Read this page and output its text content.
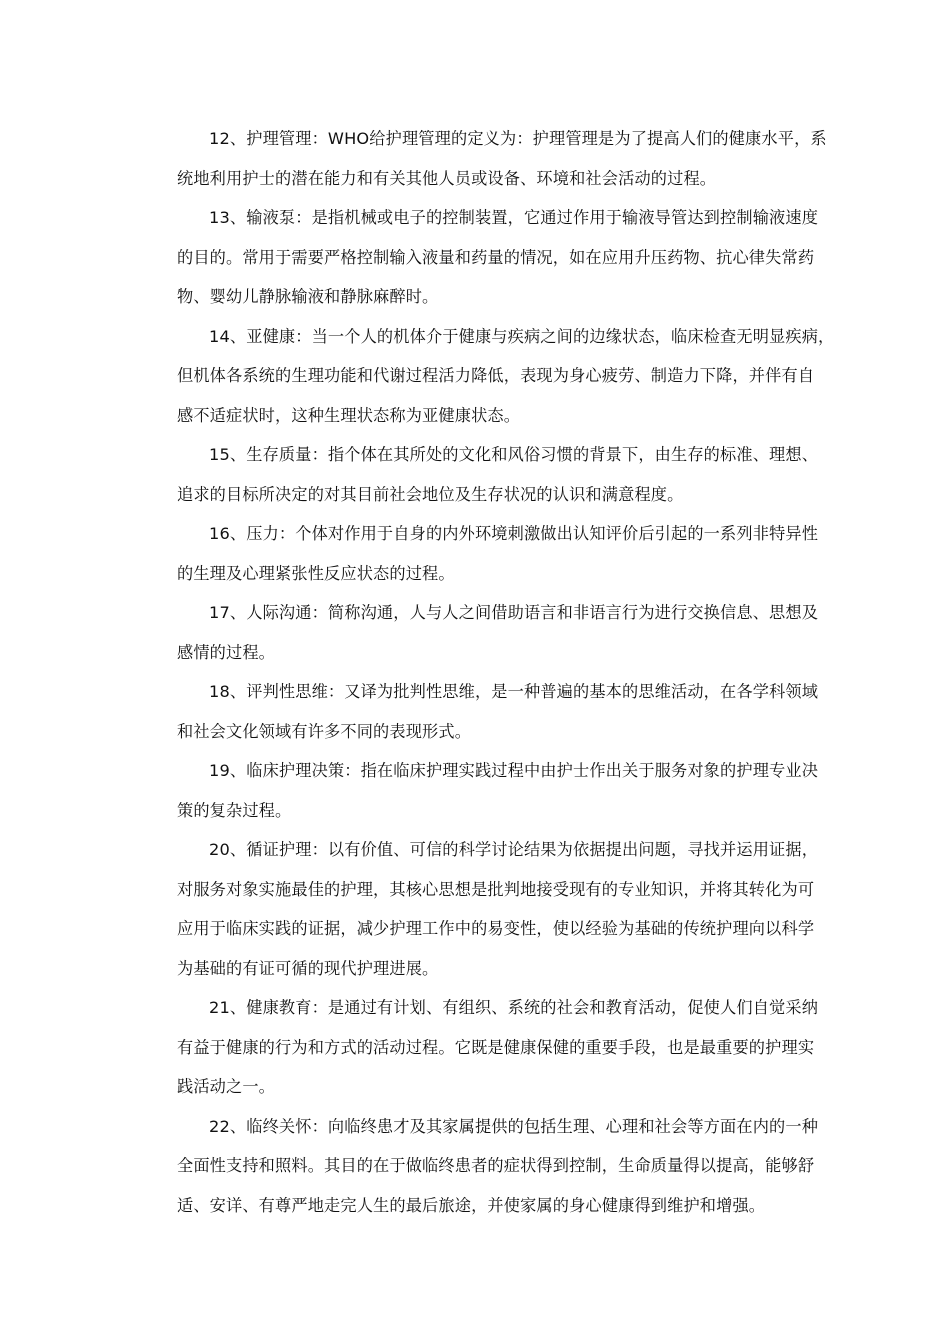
12、护理管理：WHO给护理管理的定义为：护理管理是为了提高人们的健康水平，系
统地利用护士的潜在能力和有关其他人员或设备、环境和社会活动的过程。

13、输液泵：是指机械或电子的控制装置，它通过作用于输液导管达到控制输液速度
的目的。常用于需要严格控制输入液量和药量的情况，如在应用升压药物、抗心律失常药
物、婴幼儿静脉输液和静脉麻醉时。

14、亚健康：当一个人的机体介于健康与疾病之间的边缘状态，临床检查无明显疾病，
但机体各系统的生理功能和代谢过程活力降低，表现为身心疲劳、制造力下降，并伴有自
感不适症状时，这种生理状态称为亚健康状态。

15、生存质量：指个体在其所处的文化和风俗习惯的背景下，由生存的标准、理想、
追求的目标所决定的对其目前社会地位及生存状况的认识和满意程度。

16、压力：个体对作用于自身的内外环境刺激做出认知评价后引起的一系列非特异性
的生理及心理紧张性反应状态的过程。

17、人际沟通：简称沟通，人与人之间借助语言和非语言行为进行交换信息、思想及
感情的过程。

18、评判性思维：又译为批判性思维，是一种普遍的基本的思维活动，在各学科领域
和社会文化领域有许多不同的表现形式。

19、临床护理决策：指在临床护理实践过程中由护士作出关于服务对象的护理专业决
策的复杂过程。

20、循证护理：以有价值、可信的科学讨论结果为依据提出问题，寻找并运用证据，
对服务对象实施最佳的护理，其核心思想是批判地接受现有的专业知识，并将其转化为可
应用于临床实践的证据，减少护理工作中的易变性，使以经验为基础的传统护理向以科学
为基础的有证可循的现代护理进展。

21、健康教育：是通过有计划、有组织、系统的社会和教育活动，促使人们自觉采纳
有益于健康的行为和方式的活动过程。它既是健康保健的重要手段，也是最重要的护理实
践活动之一。

22、临终关怀：向临终患才及其家属提供的包括生理、心理和社会等方面在内的一种
全面性支持和照料。其目的在于做临终患者的症状得到控制，生命质量得以提高，能够舒
适、安详、有尊严地走完人生的最后旅途，并使家属的身心健康得到维护和增强。
